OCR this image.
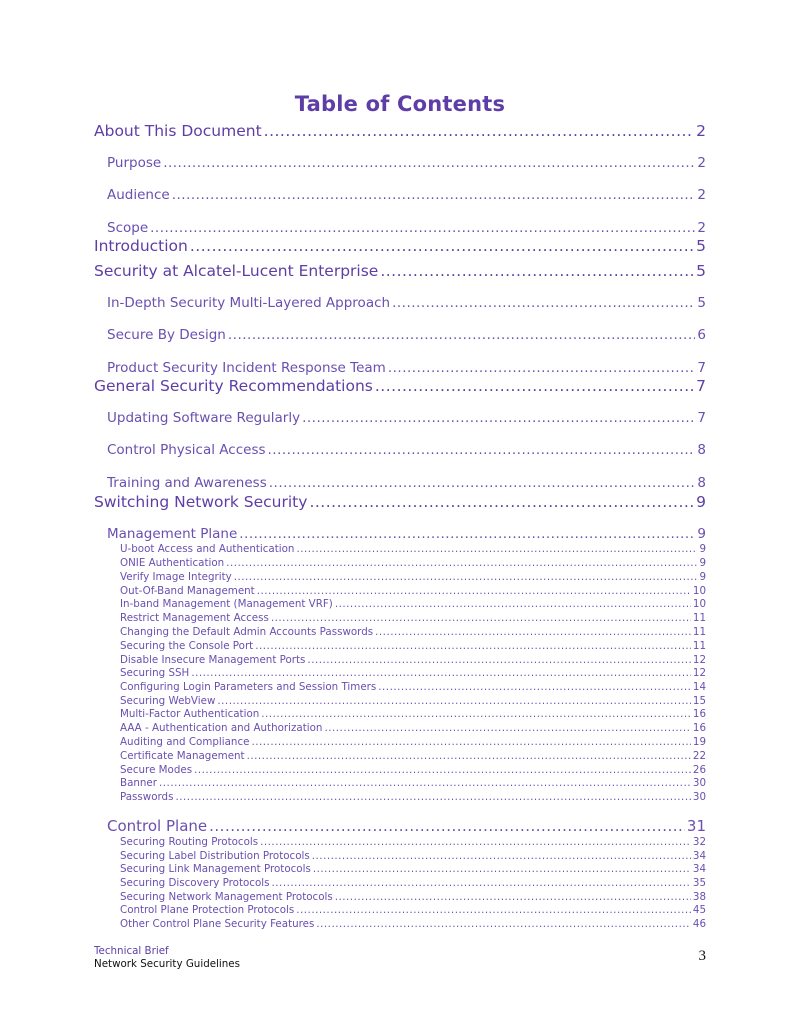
Table of Contents
About This Document .....	2
Purpose .....	2
Audience .....	2
Scope .....	2
Introduction .....	5
Security at Alcatel-Lucent Enterprise .....	5
In-Depth Security Multi-Layered Approach .....	5
Secure By Design .....	6
Product Security Incident Response Team .....	7
General Security Recommendations .....	7
Updating Software Regularly .....	7
Control Physical Access .....	8
Training and Awareness .....	8
Switching Network Security .....	9
Management Plane .....	9
U-boot Access and Authentication .....	9
ONIE Authentication .....	9
Verify Image Integrity .....	9
Out-Of-Band Management .....	10
In-band Management (Management VRF) .....	10
Restrict Management Access .....	11
Changing the Default Admin Accounts Passwords .....	11
Securing the Console Port .....	11
Disable Insecure Management Ports .....	12
Securing SSH .....	12
Configuring Login Parameters and Session Timers .....	14
Securing WebView .....	15
Multi-Factor Authentication .....	16
AAA - Authentication and Authorization .....	16
Auditing and Compliance .....	19
Certificate Management .....	22
Secure Modes .....	26
Banner .....	30
Passwords .....	30
Control Plane .....	31
Securing Routing Protocols .....	32
Securing Label Distribution Protocols .....	34
Securing Link Management Protocols .....	34
Securing Discovery Protocols .....	35
Securing Network Management Protocols .....	38
Control Plane Protection Protocols .....	45
Other Control Plane Security Features .....	46
Technical Brief
Network Security Guidelines	3
